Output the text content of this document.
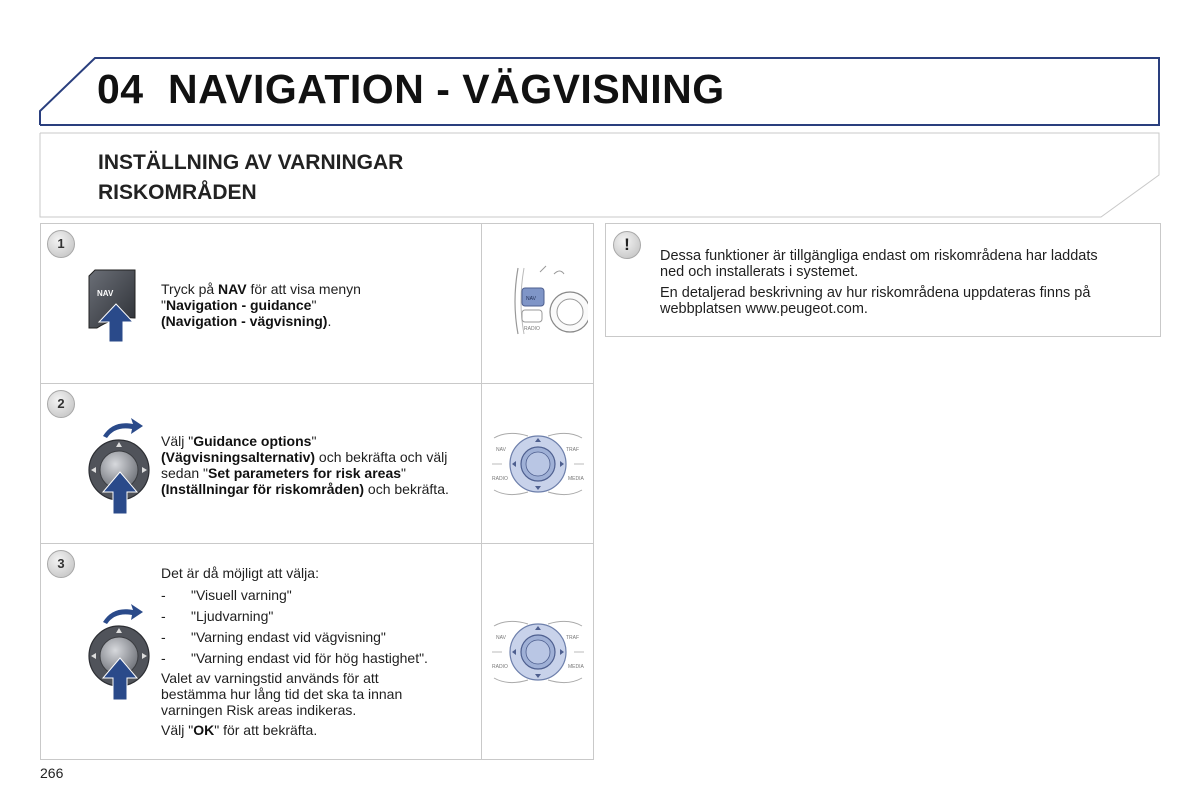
04 NAVIGATION - VÄGVISNING
INSTÄLLNING AV VARNINGAR
RISKOMRÅDEN
1
NAV	Tryck på NAV för att visa menyn
"Navigation - guidance"
(Navigation - vägvisning).
NAV
RADIO
2
Välj "Guidance options"
(Vägvisningsalternativ) och bekräfta och välj
sedan "Set parameters for risk areas"
(Inställningar för riskområden) och bekräfta.
NAV	TRAF
RADIO	MEDIA
3
Det är då möjligt att välja:
- "Visuell varning"
- "Ljudvarning"
- "Varning endast vid vägvisning"
- "Varning endast vid för hög hastighet".
Valet av varningstid används för att
bestämma hur lång tid det ska ta innan
varningen Risk areas indikeras.
Välj "OK" för att bekräfta.
NAV	TRAF
RADIO	MEDIA
!

Dessa funktioner är tillgängliga endast om riskområdena har laddats
ned och installerats i systemet.

En detaljerad beskrivning av hur riskområdena uppdateras finns på
webbplatsen www.peugeot.com.

266
